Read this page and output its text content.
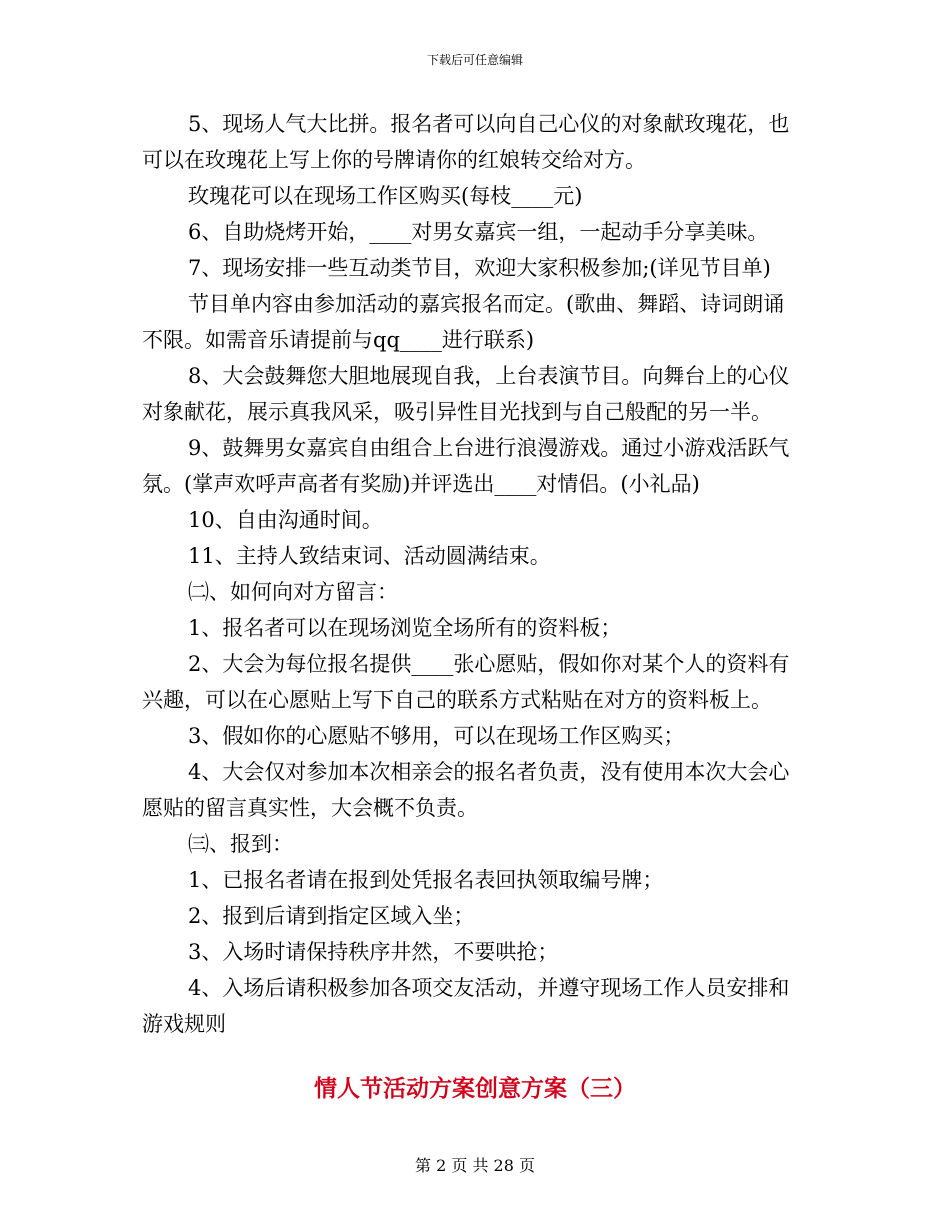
下载后可任意编辑
5、现场人气大比拼。报名者可以向自己心仪的对象献玫瑰花，也
可以在玫瑰花上写上你的号牌请你的红娘转交给对方。
玫瑰花可以在现场工作区购买(每枝____元)
6、自助烧烤开始，____对男女嘉宾一组，一起动手分享美味。
7、现场安排一些互动类节目，欢迎大家积极参加;(详见节目单)
节目单内容由参加活动的嘉宾报名而定。(歌曲、舞蹈、诗词朗诵
不限。如需音乐请提前与qq____进行联系)
8、大会鼓舞您大胆地展现自我，上台表演节目。向舞台上的心仪
对象献花，展示真我风采，吸引异性目光找到与自己般配的另一半。
9、鼓舞男女嘉宾自由组合上台进行浪漫游戏。通过小游戏活跃气
氛。(掌声欢呼声高者有奖励)并评选出____对情侣。(小礼品)
10、自由沟通时间。
11、主持人致结束词、活动圆满结束。
㈡、如何向对方留言：
1、报名者可以在现场浏览全场所有的资料板；
2、大会为每位报名提供____张心愿贴，假如你对某个人的资料有
兴趣，可以在心愿贴上写下自己的联系方式粘贴在对方的资料板上。
3、假如你的心愿贴不够用，可以在现场工作区购买；
4、大会仅对参加本次相亲会的报名者负责，没有使用本次大会心
愿贴的留言真实性，大会概不负责。
㈢、报到：
1、已报名者请在报到处凭报名表回执领取编号牌；
2、报到后请到指定区域入坐；
3、入场时请保持秩序井然，不要哄抢；
4、入场后请积极参加各项交友活动，并遵守现场工作人员安排和
游戏规则
情人节活动方案创意方案（三）
第 2 页 共 28 页
